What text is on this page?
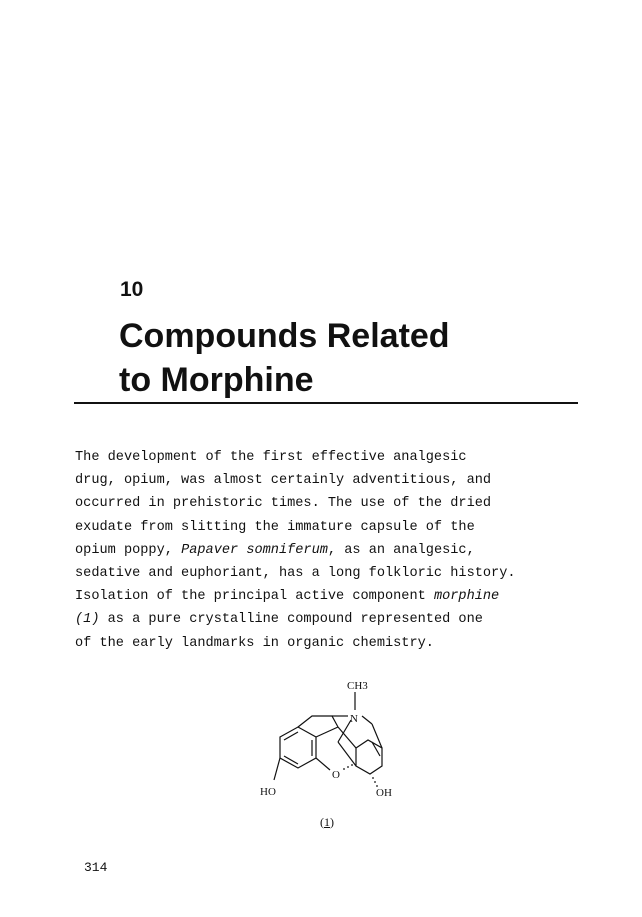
10
Compounds Related
to Morphine
The development of the first effective analgesic
drug, opium, was almost certainly adventitious, and
occurred in prehistoric times. The use of the dried
exudate from slitting the immature capsule of the
opium poppy, Papaver somniferum, as an analgesic,
sedative and euphoriant, has a long folkloric history.
Isolation of the principal active component morphine
(1) as a pure crystalline compound represented one
of the early landmarks in organic chemistry.
CH3
N
O
HO	OH
(1)
314
